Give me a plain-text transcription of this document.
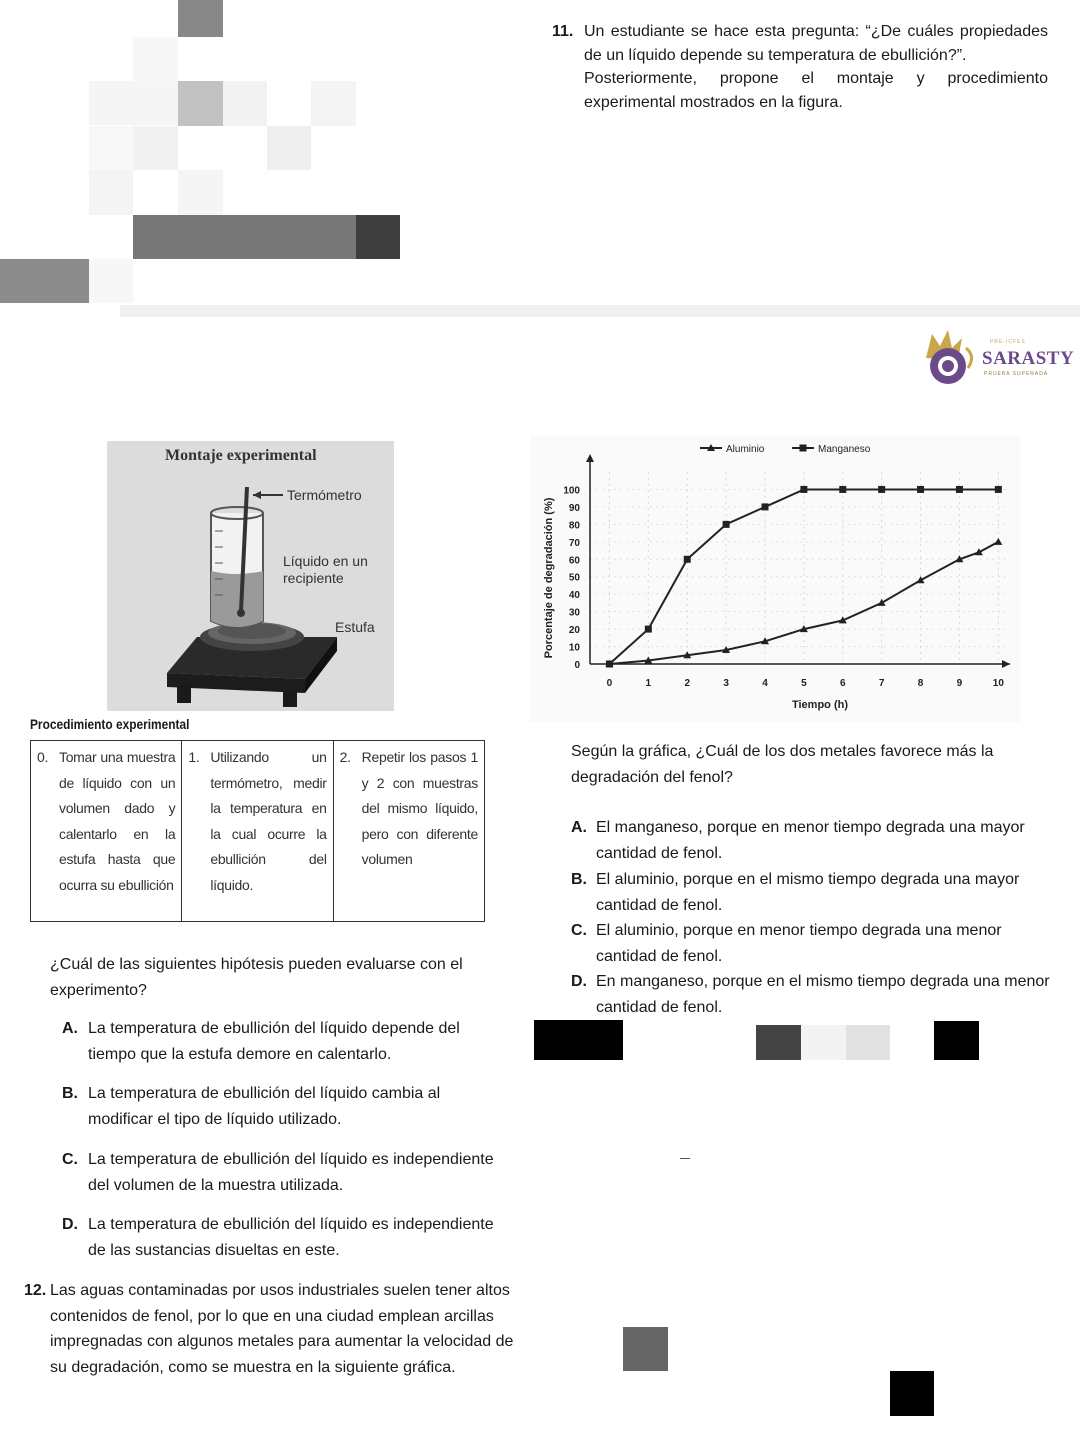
11. Un estudiante se hace esta pregunta: “¿De cuáles propiedades de un líquido depende su temperatura de ebullición?”.

Posteriormente, propone el montaje y procedimiento experimental mostrados en la figura.

PRE-ICFES
SARASTY
PRUEBA SUPERADA
Montaje experimental
Termómetro
Líquido en un recipiente
Estufa
Procedimiento experimental
0. Tomar una muestra de líquido con un volumen dado y calentarlo en la estufa hasta que ocurra su ebullición
1. Utilizando un termómetro, medir la temperatura en la cual ocurre la ebullición del líquido.
2. Repetir los pasos 1 y 2 con muestras del mismo líquido, pero con diferente volumen
¿Cuál de las siguientes hipótesis pueden evaluarse con el experimento?
A. La temperatura de ebullición del líquido depende del tiempo que la estufa demore en calentarlo.
B. La temperatura de ebullición del líquido cambia al modificar el tipo de líquido utilizado.
C. La temperatura de ebullición del líquido es independiente del volumen de la muestra utilizada.
D. La temperatura de ebullición del líquido es independiente de las sustancias disueltas en este.
12. Las aguas contaminadas por usos industriales suelen tener altos contenidos de fenol, por lo que en una ciudad emplean arcillas impregnadas con algunos metales para aumentar la velocidad de su degradación, como se muestra en la siguiente gráfica.
0
10
20
30
40
50
60
70
80
90
100
0	1	2	3	4	5	6	7	8	9	10
Tiempo (h)
Porcentaje de degradación (%)
Aluminio	Manganeso
Según la gráfica, ¿Cuál de los dos metales favorece más la degradación del fenol?
A. El manganeso, porque en menor tiempo degrada una mayor cantidad de fenol.
B. El aluminio, porque en el mismo tiempo degrada una mayor cantidad de fenol.
C. El aluminio, porque en menor tiempo degrada una menor cantidad de fenol.
D. En manganeso, porque en el mismo tiempo degrada una menor cantidad de fenol.
